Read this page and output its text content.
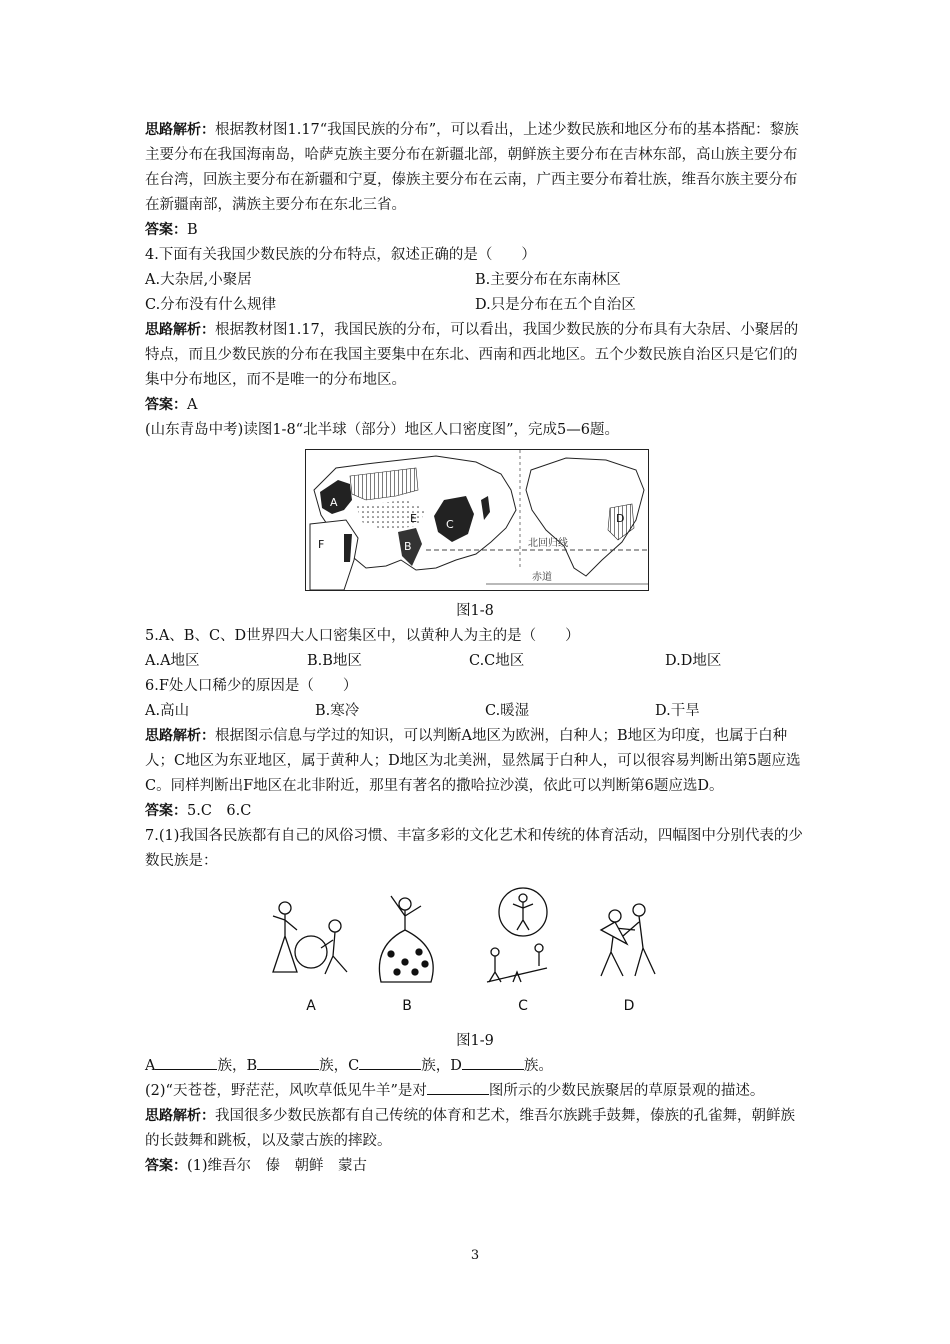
思路解析：根据教材图1.17“我国民族的分布”，可以看出，上述少数民族和地区分布的基本搭配：黎族主要分布在我国海南岛，哈萨克族主要分布在新疆北部，朝鲜族主要分布在吉林东部，高山族主要分布在台湾，回族主要分布在新疆和宁夏，傣族主要分布在云南，广西主要分布着壮族，维吾尔族主要分布在新疆南部，满族主要分布在东北三省。

答案：B

4.下面有关我国少数民族的分布特点，叙述正确的是（　　）

A.大杂居,小聚居	B.主要分布在东南林区
C.分布没有什么规律	D.只是分布在五个自治区

思路解析：根据教材图1.17，我国民族的分布，可以看出，我国少数民族的分布具有大杂居、小聚居的特点，而且少数民族的分布在我国主要集中在东北、西南和西北地区。五个少数民族自治区只是它们的集中分布地区，而不是唯一的分布地区。

答案：A

(山东青岛中考)读图1-8“北半球（部分）地区人口密度图”，完成5—6题。

A
E
B
C	D
F	北回归线
赤道
图1-8

5.A、B、C、D世界四大人口密集区中，以黄种人为主的是（　　）

A.A地区	B.B地区	C.C地区	D.D地区

6.F处人口稀少的原因是（　　）

A.高山	B.寒冷	C.暖湿	D.干旱

思路解析：根据图示信息与学过的知识，可以判断A地区为欧洲，白种人；B地区为印度，也属于白种人；C地区为东亚地区，属于黄种人；D地区为北美洲，显然属于白种人，可以很容易判断出第5题应选C。同样判断出F地区在北非附近，那里有著名的撒哈拉沙漠，依此可以判断第6题应选D。

答案：5.C　6.C

7.(1)我国各民族都有自己的风俗习惯、丰富多彩的文化艺术和传统的体育活动，四幅图中分别代表的少数民族是：

A	B	C	D
图1-9

A	族，B	族，C	族，D	族。

(2)“天苍苍，野茫茫，风吹草低见牛羊”是对	图所示的少数民族聚居的草原景观的描述。

思路解析：我国很多少数民族都有自己传统的体育和艺术，维吾尔族跳手鼓舞，傣族的孔雀舞，朝鲜族的长鼓舞和跳板，以及蒙古族的摔跤。

答案：(1)维吾尔　傣　朝鲜　蒙古

3
